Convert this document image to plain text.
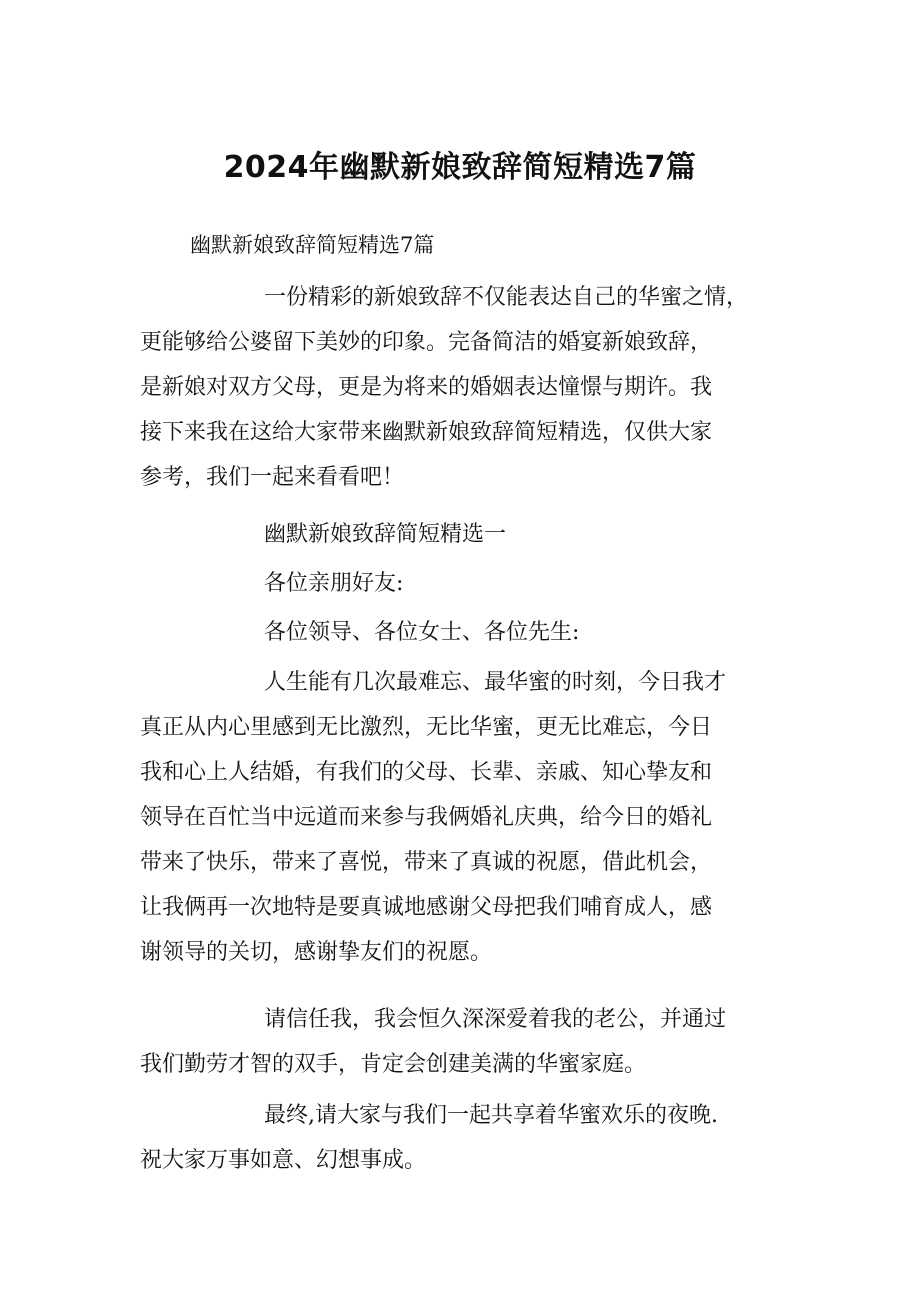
2024年幽默新娘致辞简短精选7篇
幽默新娘致辞简短精选7篇
一份精彩的新娘致辞不仅能表达自己的华蜜之情，
更能够给公婆留下美妙的印象。完备简洁的婚宴新娘致辞，
是新娘对双方父母，更是为将来的婚姻表达憧憬与期许。我
接下来我在这给大家带来幽默新娘致辞简短精选，仅供大家
参考，我们一起来看看吧！
幽默新娘致辞简短精选一
各位亲朋好友:
各位领导、各位女士、各位先生:
人生能有几次最难忘、最华蜜的时刻，今日我才
真正从内心里感到无比激烈，无比华蜜，更无比难忘，今日
我和心上人结婚，有我们的父母、长辈、亲戚、知心挚友和
领导在百忙当中远道而来参与我俩婚礼庆典，给今日的婚礼
带来了快乐，带来了喜悦，带来了真诚的祝愿，借此机会，
让我俩再一次地特是要真诚地感谢父母把我们哺育成人，感
谢领导的关切，感谢挚友们的祝愿。
请信任我，我会恒久深深爱着我的老公，并通过
我们勤劳才智的双手，肯定会创建美满的华蜜家庭。
最终,请大家与我们一起共享着华蜜欢乐的夜晚.
祝大家万事如意、幻想事成。
